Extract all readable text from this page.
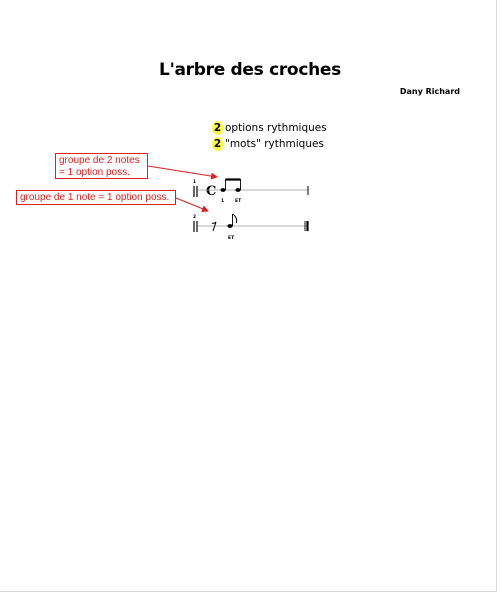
L'arbre des croches
Dany Richard
2 options rythmiques
2 "mots" rythmiques
1
C
1 ET
2
ET
groupe de 2 notes
= 1 option poss.
groupe de 1 note = 1 option poss.
